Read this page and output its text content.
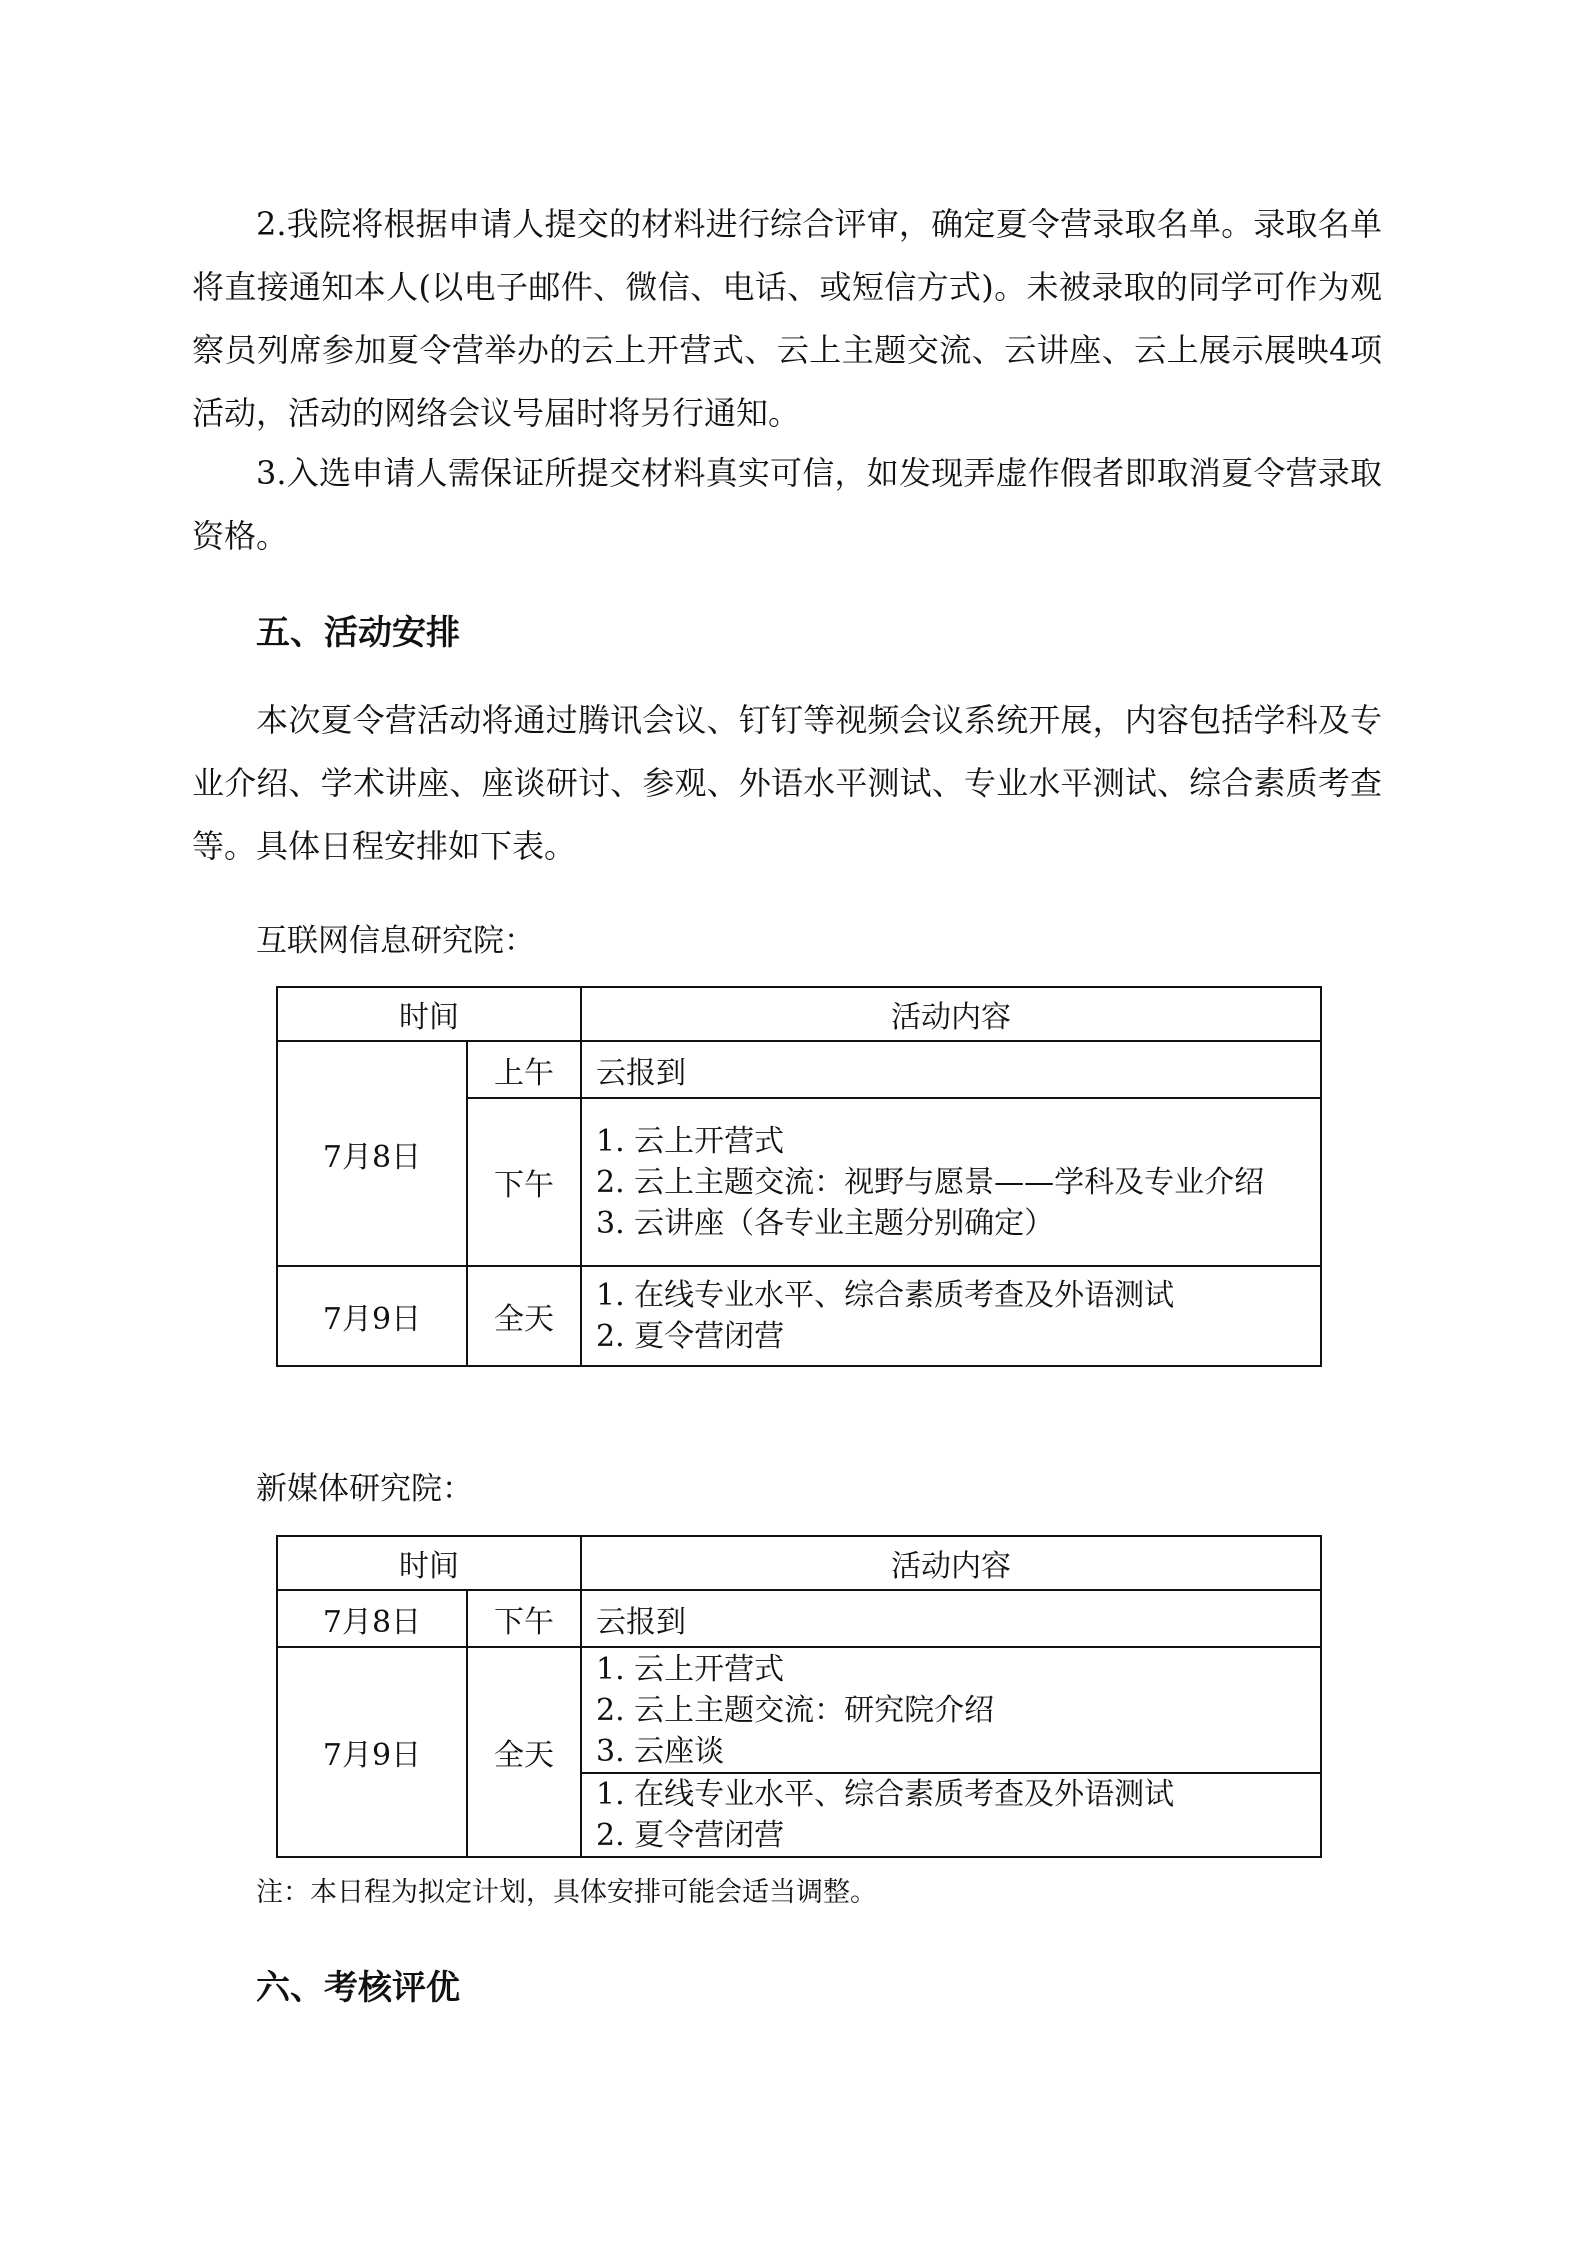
2.我院将根据申请人提交的材料进行综合评审，确定夏令营录取名单。录取名单将直接通知本人(以电子邮件、微信、电话、或短信方式)。未被录取的同学可作为观察员列席参加夏令营举办的云上开营式、云上主题交流、云讲座、云上展示展映4项活动，活动的网络会议号届时将另行通知。
3.入选申请人需保证所提交材料真实可信，如发现弄虚作假者即取消夏令营录取资格。
五、活动安排
本次夏令营活动将通过腾讯会议、钉钉等视频会议系统开展，内容包括学科及专业介绍、学术讲座、座谈研讨、参观、外语水平测试、专业水平测试、综合素质考查等。具体日程安排如下表。
互联网信息研究院：
时间		活动内容
7月8日	上午	云报到
	下午	1. 云上开营式
2. 云上主题交流：视野与愿景——学科及专业介绍
3. 云讲座（各专业主题分别确定）

7月9日	全天	1. 在线专业水平、综合素质考查及外语测试
2. 夏令营闭营
新媒体研究院：
时间		活动内容
7月8日	下午	云报到
7月9日	全天	1. 云上开营式
2. 云上主题交流：研究院介绍
3. 云座谈

		1. 在线专业水平、综合素质考查及外语测试
2. 夏令营闭营
注：本日程为拟定计划，具体安排可能会适当调整。
六、考核评优
